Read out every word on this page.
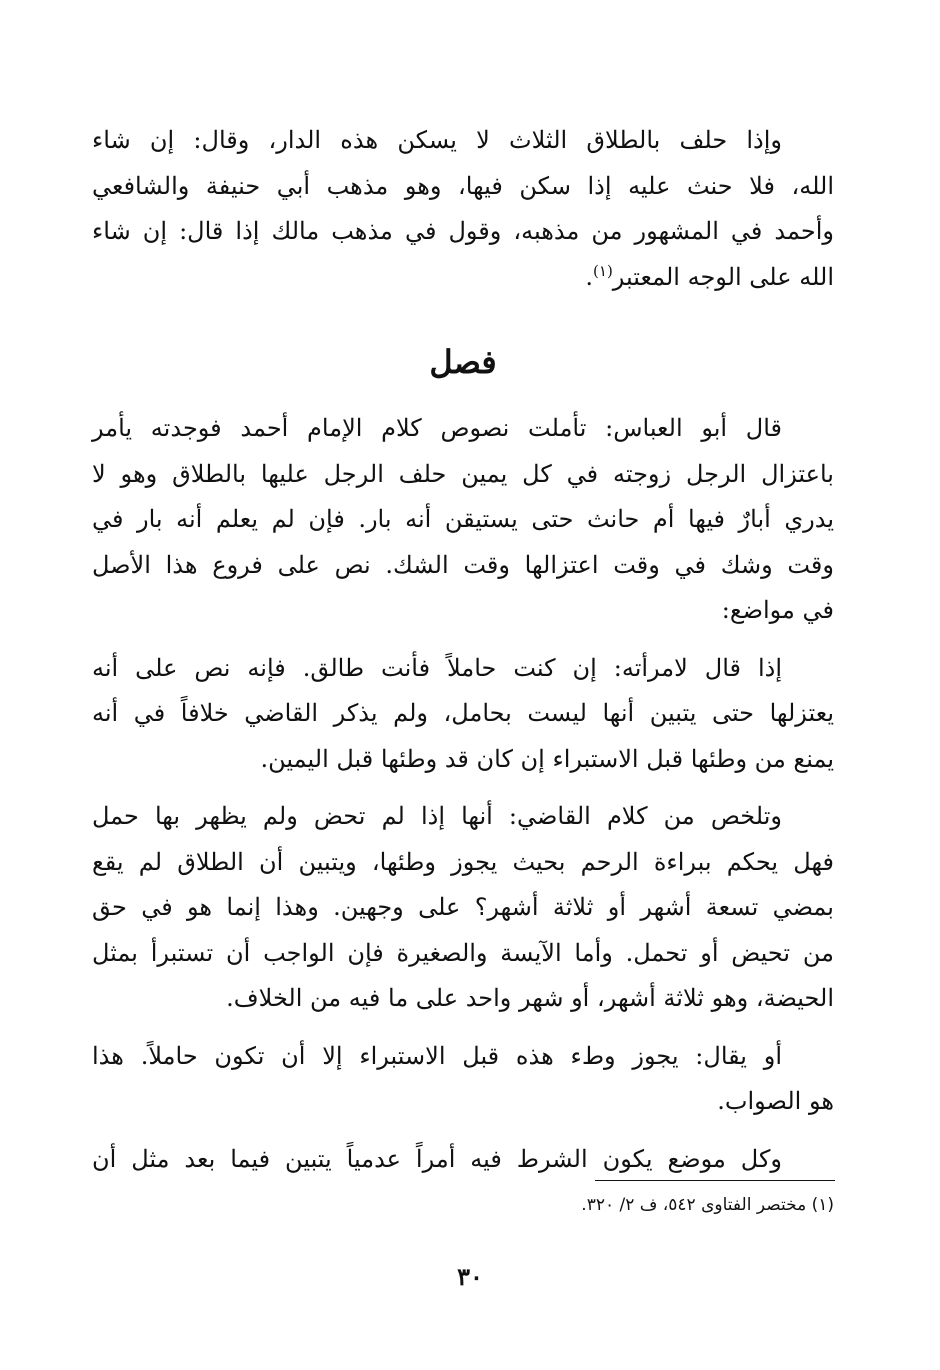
وإذا حلف بالطلاق الثلاث لا يسكن هذه الدار، وقال: إن شاء
الله، فلا حنث عليه إذا سكن فيها، وهو مذهب أبي حنيفة والشافعي
وأحمد في المشهور من مذهبه، وقول في مذهب مالك إذا قال: إن شاء
الله على الوجه المعتبر$^{(١)}$.

فصل

قال أبو العباس: تأملت نصوص كلام الإمام أحمد فوجدته يأمر
باعتزال الرجل زوجته في كل يمين حلف الرجل عليها بالطلاق وهو لا
يدري أبارٌ فيها أم حانث حتى يستيقن أنه بار. فإن لم يعلم أنه بار في
وقت وشك في وقت اعتزالها وقت الشك. نص على فروع هذا الأصل
في مواضع:

إذا قال لامرأته: إن كنت حاملاً فأنت طالق. فإنه نص على أنه
يعتزلها حتى يتبين أنها ليست بحامل، ولم يذكر القاضي خلافاً في أنه
يمنع من وطئها قبل الاستبراء إن كان قد وطئها قبل اليمين.

وتلخص من كلام القاضي: أنها إذا لم تحض ولم يظهر بها حمل
فهل يحكم ببراءة الرحم بحيث يجوز وطئها، ويتبين أن الطلاق لم يقع
بمضي تسعة أشهر أو ثلاثة أشهر؟ على وجهين. وهذا إنما هو في حق
من تحيض أو تحمل. وأما الآيسة والصغيرة فإن الواجب أن تستبرأ بمثل
الحيضة، وهو ثلاثة أشهر، أو شهر واحد على ما فيه من الخلاف.

أو يقال: يجوز وطء هذه قبل الاستبراء إلا أن تكون حاملاً. هذا
هو الصواب.

وكل موضع يكون الشرط فيه أمراً عدمياً يتبين فيما بعد مثل أن

(١) مختصر الفتاوى ٥٤٢، ف ٢/ ٣٢٠.
٣٠
